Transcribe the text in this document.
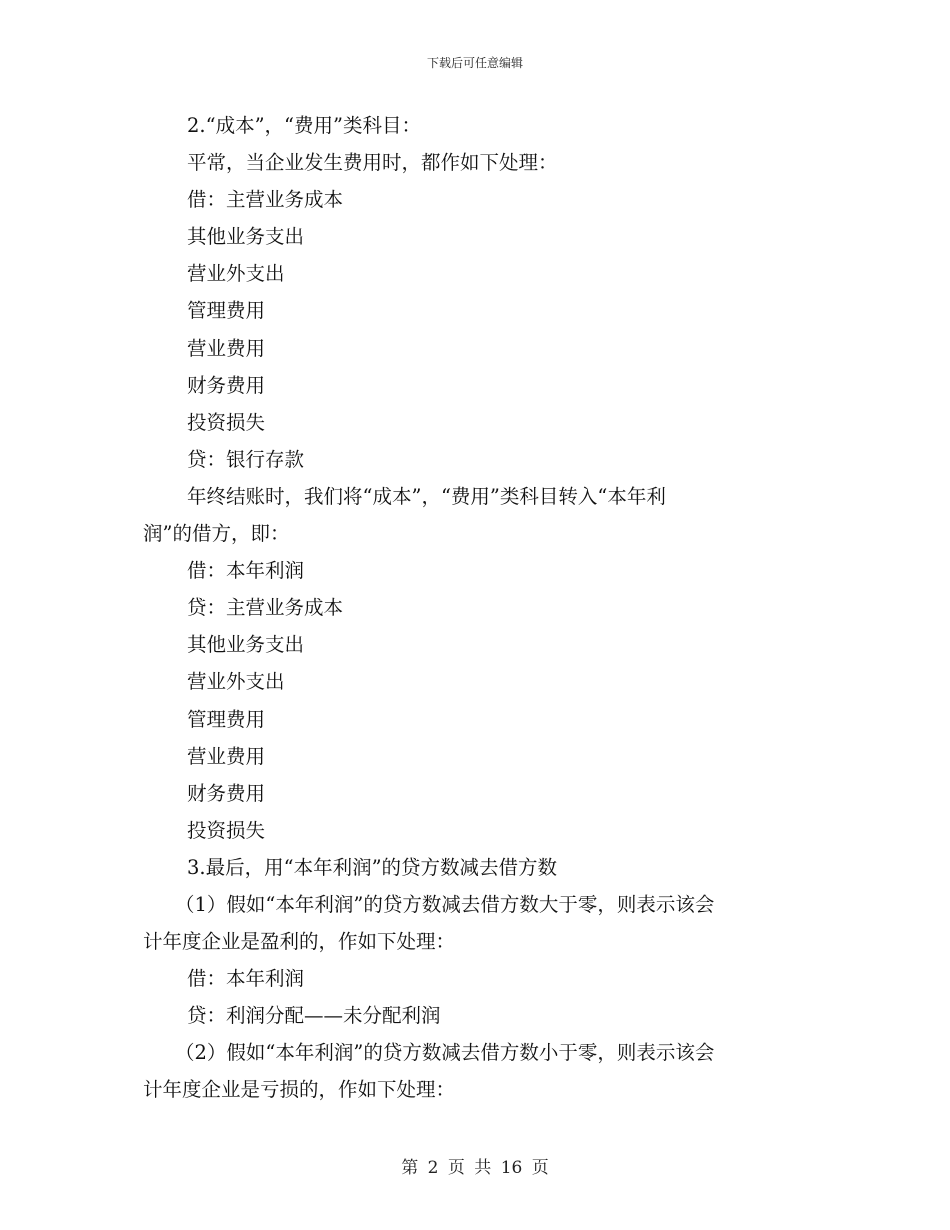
下载后可任意编辑
2.“成本”，“费用”类科目：
平常，当企业发生费用时，都作如下处理：
借：主营业务成本
其他业务支出
营业外支出
管理费用
营业费用
财务费用
投资损失
贷：银行存款
年终结账时，我们将“成本”，“费用”类科目转入“本年利
润”的借方，即：
借：本年利润
贷：主营业务成本
其他业务支出
营业外支出
管理费用
营业费用
财务费用
投资损失
3.最后，用“本年利润”的贷方数减去借方数
（1）假如“本年利润”的贷方数减去借方数大于零，则表示该会
计年度企业是盈利的，作如下处理：
借：本年利润
贷：利润分配——未分配利润
（2）假如“本年利润”的贷方数减去借方数小于零，则表示该会
计年度企业是亏损的，作如下处理：
第 2 页 共 16 页
